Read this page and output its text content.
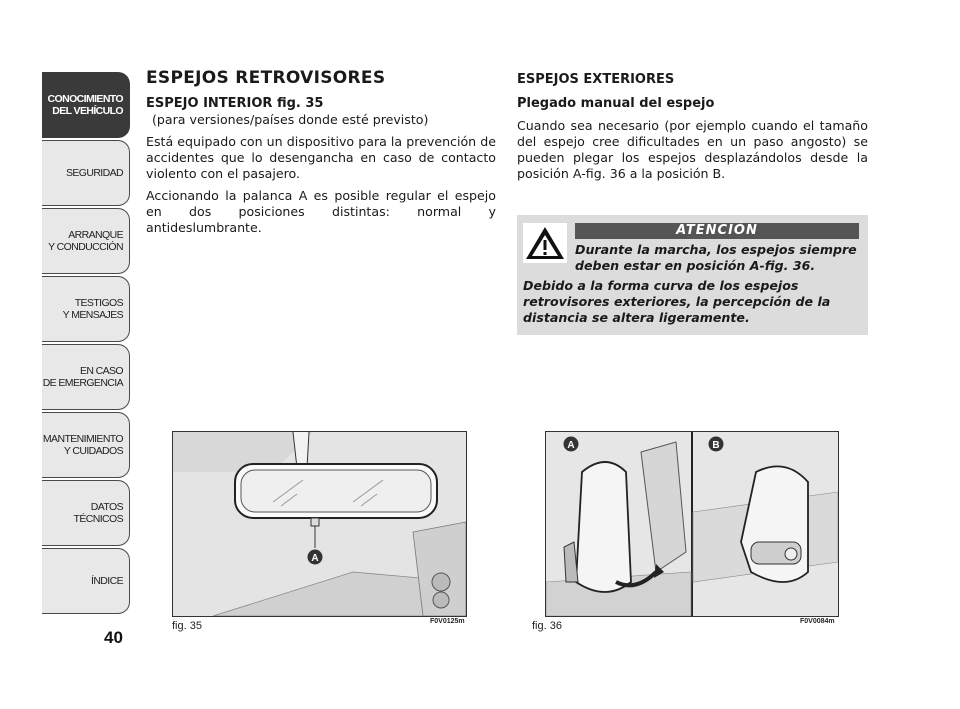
CONOCIMIENTO
DEL VEHÍCULO
SEGURIDAD
ARRANQUE
Y CONDUCCIÓN
TESTIGOS
Y MENSAJES
EN CASO
DE EMERGENCIA
MANTENIMIENTO
Y CUIDADOS
DATOS TÉCNICOS
ÍNDICE
40
ESPEJOS RETROVISORES
ESPEJO INTERIOR fig. 35
(para versiones/países donde esté previsto)

Está equipado con un dispositivo para la prevención de accidentes que lo desengancha en caso de contacto violento con el pasajero.

Accionando la palanca A es posible regular el espejo en dos posiciones distintas: normal y antideslumbrante.

ESPEJOS EXTERIORES
Plegado manual del espejo

Cuando sea necesario (por ejemplo cuando el tamaño del espejo cree dificultades en un paso angosto) se pueden plegar los espejos desplazándolos desde la posición A-fig. 36 a la posición B.

ATENCIÓN
Durante la marcha, los espejos siempre deben estar en posición A-fig. 36.
Debido a la forma curva de los espejos retrovisores exteriores, la percepción de la distancia se altera ligeramente.
A
fig. 35	F0V0125m
A	B
fig. 36	F0V0084m
